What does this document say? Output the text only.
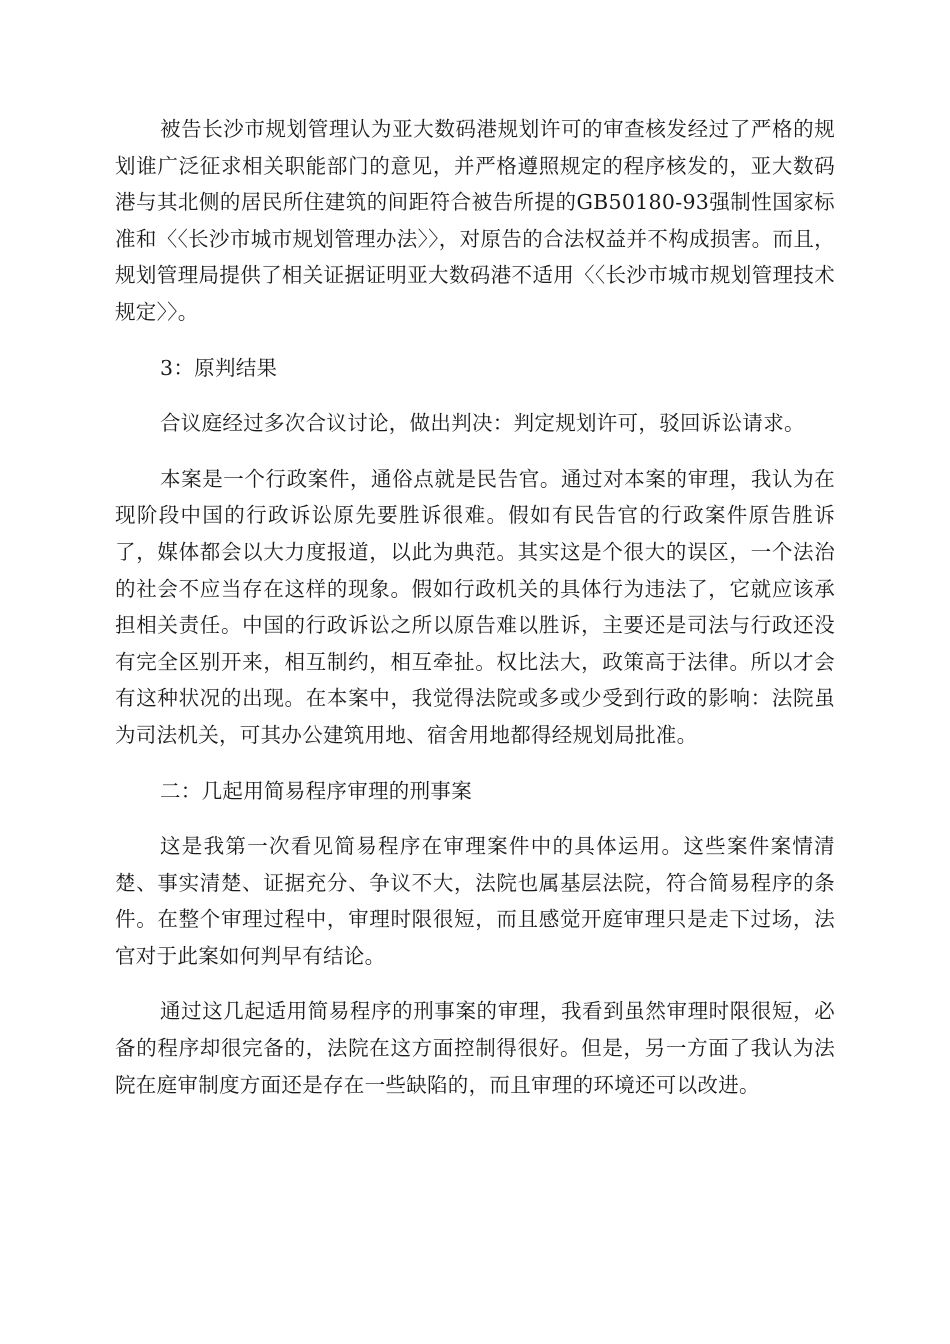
被告长沙市规划管理认为亚大数码港规划许可的审查核发经过了严格的规划谁广泛征求相关职能部门的意见，并严格遵照规定的程序核发的，亚大数码港与其北侧的居民所住建筑的间距符合被告所提的GB50180-93强制性国家标准和〈〈长沙市城市规划管理办法〉〉，对原告的合法权益并不构成损害。而且，规划管理局提供了相关证据证明亚大数码港不适用〈〈长沙市城市规划管理技术规定〉〉。

3：原判结果

合议庭经过多次合议讨论，做出判决：判定规划许可，驳回诉讼请求。

本案是一个行政案件，通俗点就是民告官。通过对本案的审理，我认为在现阶段中国的行政诉讼原先要胜诉很难。假如有民告官的行政案件原告胜诉了，媒体都会以大力度报道，以此为典范。其实这是个很大的误区，一个法治的社会不应当存在这样的现象。假如行政机关的具体行为违法了，它就应该承担相关责任。中国的行政诉讼之所以原告难以胜诉，主要还是司法与行政还没有完全区别开来，相互制约，相互牵扯。权比法大，政策高于法律。所以才会有这种状况的出现。在本案中，我觉得法院或多或少受到行政的影响：法院虽为司法机关，可其办公建筑用地、宿舍用地都得经规划局批准。

二：几起用简易程序审理的刑事案

这是我第一次看见简易程序在审理案件中的具体运用。这些案件案情清楚、事实清楚、证据充分、争议不大，法院也属基层法院，符合简易程序的条件。在整个审理过程中，审理时限很短，而且感觉开庭审理只是走下过场，法官对于此案如何判早有结论。

通过这几起适用简易程序的刑事案的审理，我看到虽然审理时限很短，必备的程序却很完备的，法院在这方面控制得很好。但是，另一方面了我认为法院在庭审制度方面还是存在一些缺陷的，而且审理的环境还可以改进。
